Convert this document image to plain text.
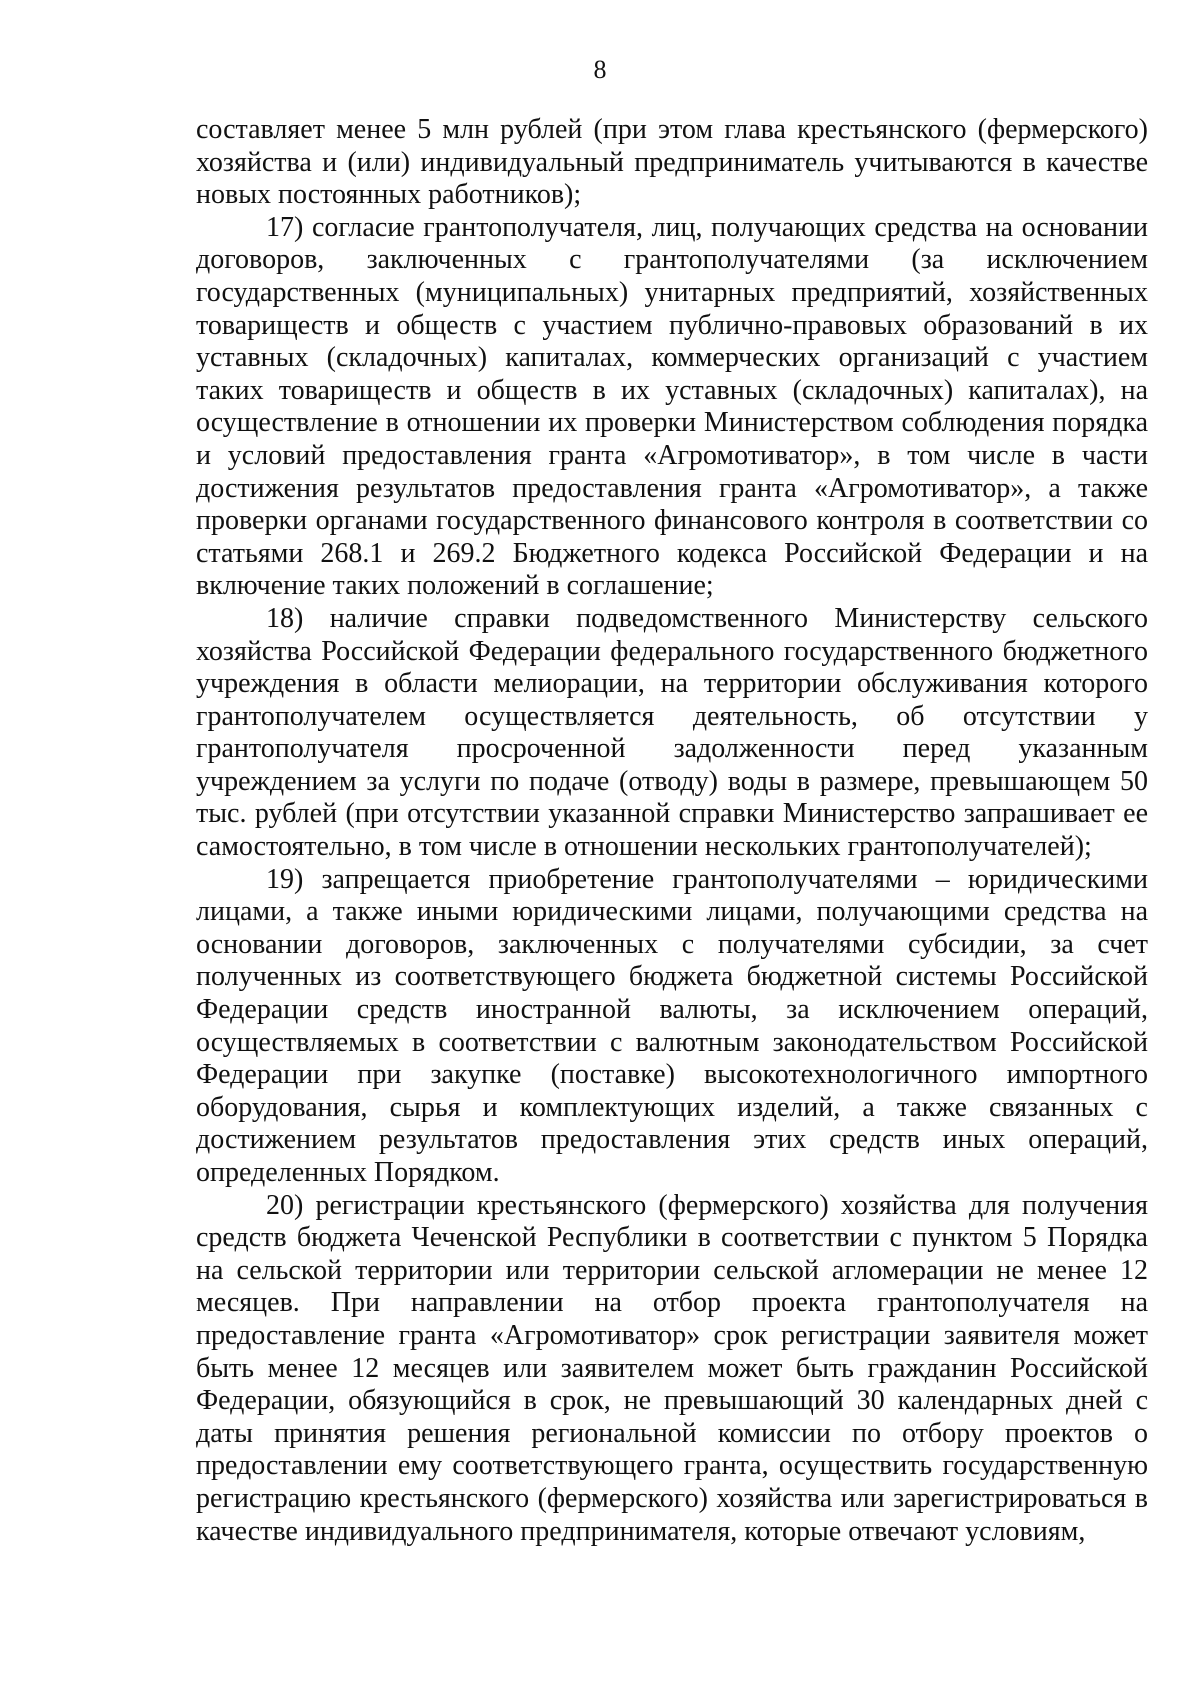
8

составляет менее 5 млн рублей (при этом глава крестьянского (фермерского) хозяйства и (или) индивидуальный предприниматель учитываются в качестве новых постоянных работников);

17) согласие грантополучателя, лиц, получающих средства на основании договоров, заключенных с грантополучателями (за исключением государственных (муниципальных) унитарных предприятий, хозяйственных товариществ и обществ с участием публично-правовых образований в их уставных (складочных) капиталах, коммерческих организаций с участием таких товариществ и обществ в их уставных (складочных) капиталах), на осуществление в отношении их проверки Министерством соблюдения порядка и условий предоставления гранта «Агромотиватор», в том числе в части достижения результатов предоставления гранта «Агромотиватор», а также проверки органами государственного финансового контроля в соответствии со статьями 268.1 и 269.2 Бюджетного кодекса Российской Федерации и на включение таких положений в соглашение;

18) наличие справки подведомственного Министерству сельского хозяйства Российской Федерации федерального государственного бюджетного учреждения в области мелиорации, на территории обслуживания которого грантополучателем осуществляется деятельность, об отсутствии у грантополучателя просроченной задолженности перед указанным учреждением за услуги по подаче (отводу) воды в размере, превышающем 50 тыс. рублей (при отсутствии указанной справки Министерство запрашивает ее самостоятельно, в том числе в отношении нескольких грантополучателей);

19) запрещается приобретение грантополучателями – юридическими лицами, а также иными юридическими лицами, получающими средства на основании договоров, заключенных с получателями субсидии, за счет полученных из соответствующего бюджета бюджетной системы Российской Федерации средств иностранной валюты, за исключением операций, осуществляемых в соответствии с валютным законодательством Российской Федерации при закупке (поставке) высокотехнологичного импортного оборудования, сырья и комплектующих изделий, а также связанных с достижением результатов предоставления этих средств иных операций, определенных Порядком.

20) регистрации крестьянского (фермерского) хозяйства для получения средств бюджета Чеченской Республики в соответствии с пунктом 5 Порядка на сельской территории или территории сельской агломерации не менее 12 месяцев. При направлении на отбор проекта грантополучателя на предоставление гранта «Агромотиватор» срок регистрации заявителя может быть менее 12 месяцев или заявителем может быть гражданин Российской Федерации, обязующийся в срок, не превышающий 30 календарных дней с даты принятия решения региональной комиссии по отбору проектов о предоставлении ему соответствующего гранта, осуществить государственную регистрацию крестьянского (фермерского) хозяйства или зарегистрироваться в качестве индивидуального предпринимателя, которые отвечают условиям,
